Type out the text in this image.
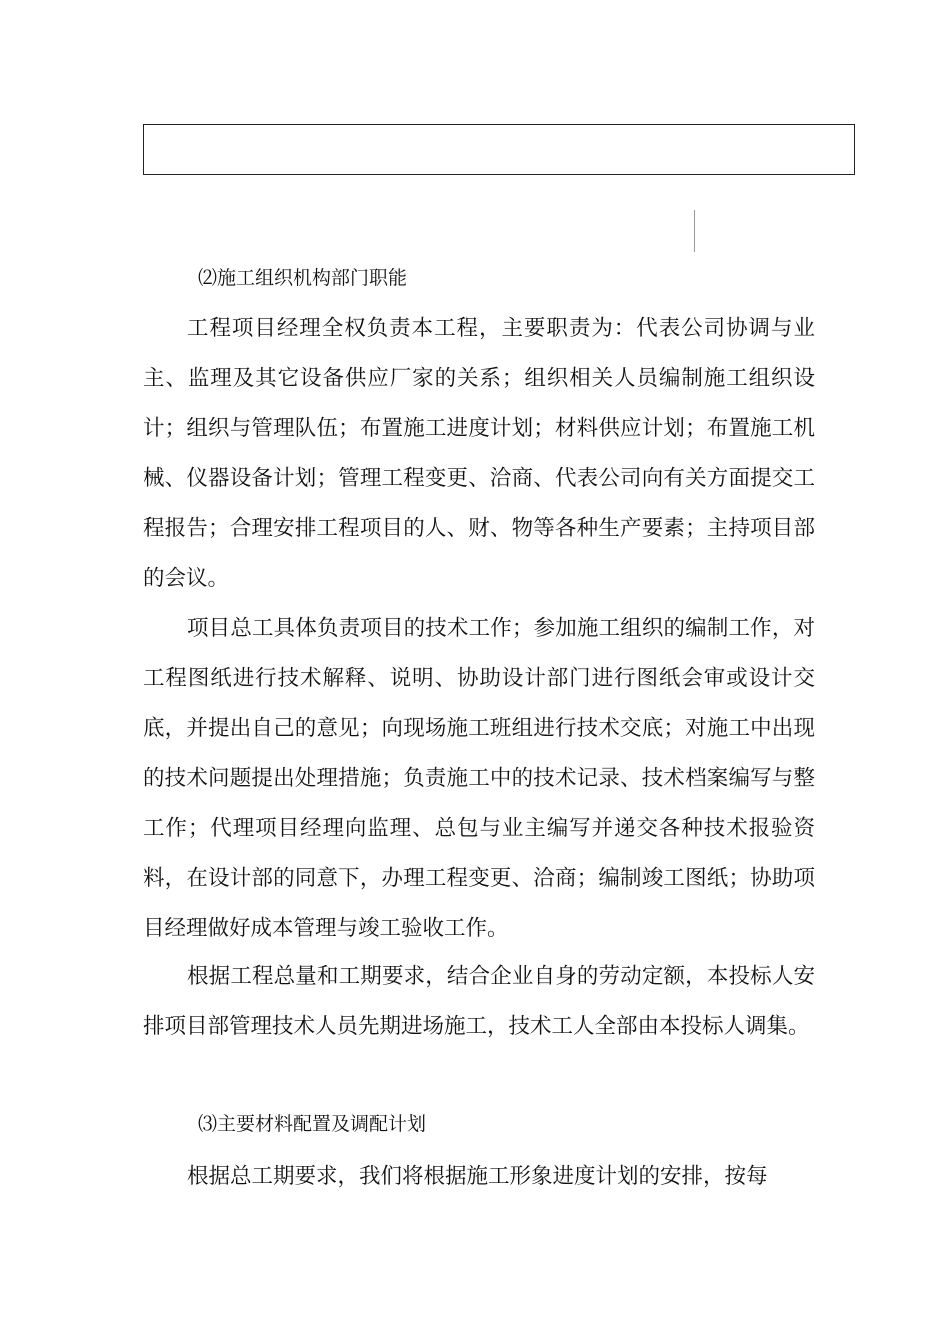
⑵施工组织机构部门职能

工程项目经理全权负责本工程，主要职责为：代表公司协调与业主、监理及其它设备供应厂家的关系；组织相关人员编制施工组织设计；组织与管理队伍；布置施工进度计划；材料供应计划；布置施工机械、仪器设备计划；管理工程变更、洽商、代表公司向有关方面提交工程报告；合理安排工程项目的人、财、物等各种生产要素；主持项目部的会议。

项目总工具体负责项目的技术工作；参加施工组织的编制工作，对工程图纸进行技术解释、说明、协助设计部门进行图纸会审或设计交底，并提出自己的意见；向现场施工班组进行技术交底；对施工中出现的技术问题提出处理措施；负责施工中的技术记录、技术档案编写与整工作；代理项目经理向监理、总包与业主编写并递交各种技术报验资料，在设计部的同意下，办理工程变更、洽商；编制竣工图纸；协助项目经理做好成本管理与竣工验收工作。

根据工程总量和工期要求，结合企业自身的劳动定额，本投标人安排项目部管理技术人员先期进场施工，技术工人全部由本投标人调集。

⑶主要材料配置及调配计划

根据总工期要求，我们将根据施工形象进度计划的安排，按每
